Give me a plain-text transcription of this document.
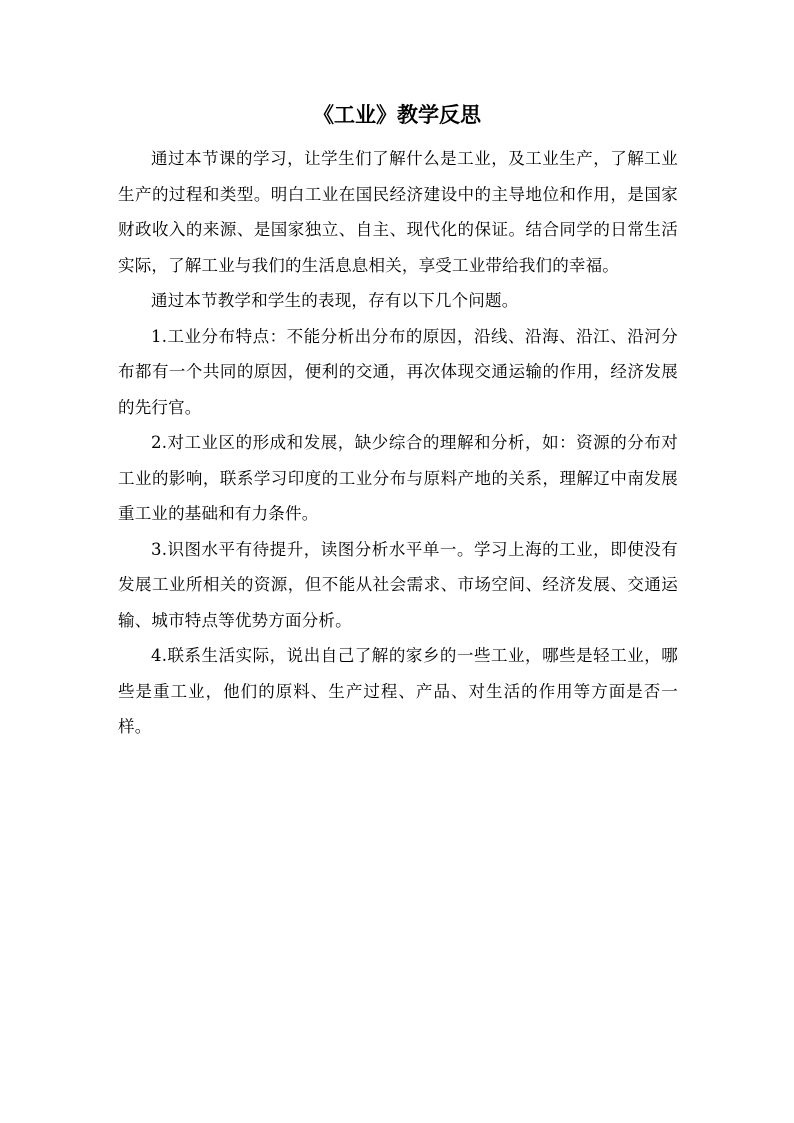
《工业》教学反思

通过本节课的学习，让学生们了解什么是工业，及工业生产，了解工业生产的过程和类型。明白工业在国民经济建设中的主导地位和作用，是国家财政收入的来源、是国家独立、自主、现代化的保证。结合同学的日常生活实际，了解工业与我们的生活息息相关，享受工业带给我们的幸福。

通过本节教学和学生的表现，存有以下几个问题。

1.工业分布特点：不能分析出分布的原因，沿线、沿海、沿江、沿河分布都有一个共同的原因，便利的交通，再次体现交通运输的作用，经济发展的先行官。

2.对工业区的形成和发展，缺少综合的理解和分析，如：资源的分布对工业的影响，联系学习印度的工业分布与原料产地的关系，理解辽中南发展重工业的基础和有力条件。

3.识图水平有待提升，读图分析水平单一。学习上海的工业，即使没有发展工业所相关的资源，但不能从社会需求、市场空间、经济发展、交通运输、城市特点等优势方面分析。

4.联系生活实际，说出自己了解的家乡的一些工业，哪些是轻工业，哪些是重工业，他们的原料、生产过程、产品、对生活的作用等方面是否一样。
